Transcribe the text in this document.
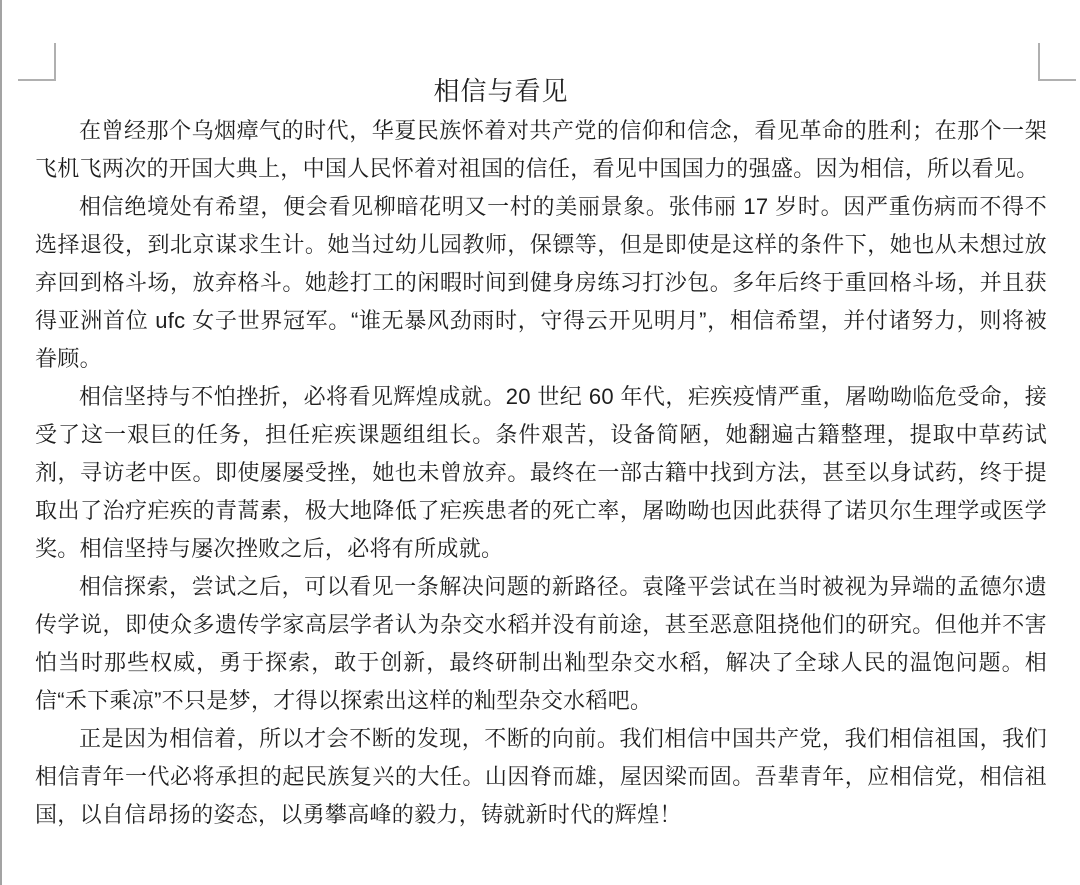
相信与看见

在曾经那个乌烟瘴气的时代，华夏民族怀着对共产党的信仰和信念，看见革命的胜利；在那个一架飞机飞两次的开国大典上，中国人民怀着对祖国的信任，看见中国国力的强盛。因为相信，所以看见。

相信绝境处有希望，便会看见柳暗花明又一村的美丽景象。张伟丽 17 岁时。因严重伤病而不得不选择退役，到北京谋求生计。她当过幼儿园教师，保镖等，但是即使是这样的条件下，她也从未想过放弃回到格斗场，放弃格斗。她趁打工的闲暇时间到健身房练习打沙包。多年后终于重回格斗场，并且获得亚洲首位 ufc 女子世界冠军。“谁无暴风劲雨时，守得云开见明月”，相信希望，并付诸努力，则将被眷顾。

相信坚持与不怕挫折，必将看见辉煌成就。20 世纪 60 年代，疟疾疫情严重，屠呦呦临危受命，接受了这一艰巨的任务，担任疟疾课题组组长。条件艰苦，设备简陋，她翻遍古籍整理，提取中草药试剂，寻访老中医。即使屡屡受挫，她也未曾放弃。最终在一部古籍中找到方法，甚至以身试药，终于提取出了治疗疟疾的青蒿素，极大地降低了疟疾患者的死亡率，屠呦呦也因此获得了诺贝尔生理学或医学奖。相信坚持与屡次挫败之后，必将有所成就。

相信探索，尝试之后，可以看见一条解决问题的新路径。袁隆平尝试在当时被视为异端的孟德尔遗传学说，即使众多遗传学家高层学者认为杂交水稻并没有前途，甚至恶意阻挠他们的研究。但他并不害怕当时那些权威，勇于探索，敢于创新，最终研制出籼型杂交水稻，解决了全球人民的温饱问题。相信“禾下乘凉”不只是梦，才得以探索出这样的籼型杂交水稻吧。

正是因为相信着，所以才会不断的发现，不断的向前。我们相信中国共产党，我们相信祖国，我们相信青年一代必将承担的起民族复兴的大任。山因脊而雄，屋因梁而固。吾辈青年，应相信党，相信祖国，以自信昂扬的姿态，以勇攀高峰的毅力，铸就新时代的辉煌！
